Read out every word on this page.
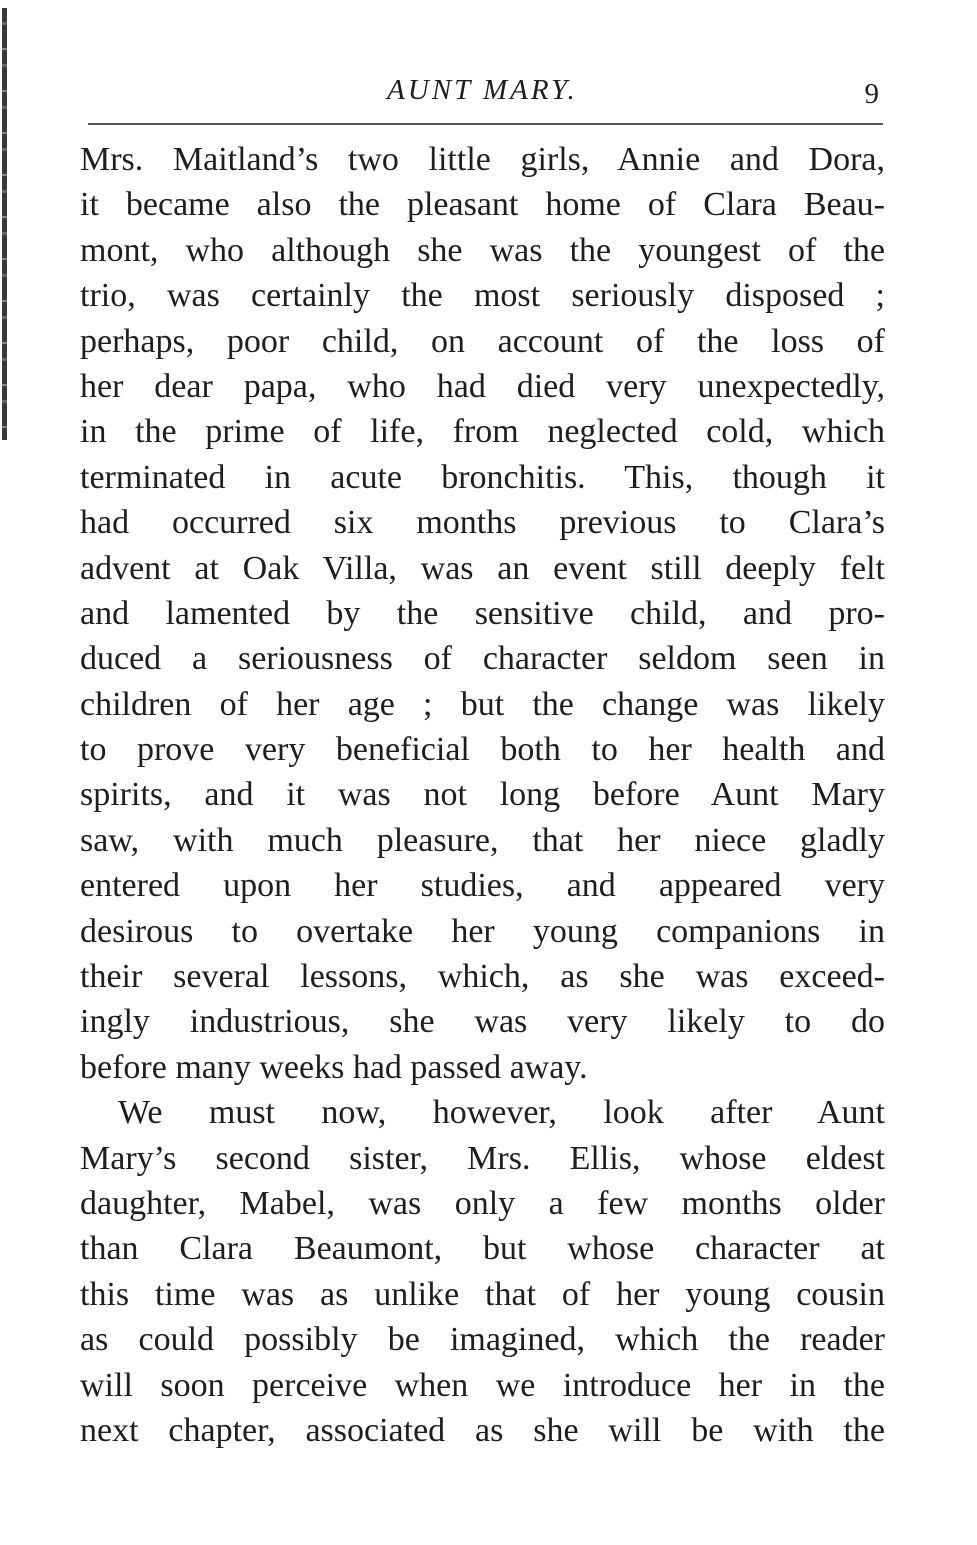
AUNT MARY.	9
Mrs. Maitland’s two little girls, Annie and Dora,
it became also the pleasant home of Clara Beau-
mont, who although she was the youngest of the
trio, was certainly the most seriously disposed ;
perhaps, poor child, on account of the loss of
her dear papa, who had died very unexpectedly,
in the prime of life, from neglected cold, which
terminated in acute bronchitis. This, though it
had occurred six months previous to Clara’s
advent at Oak Villa, was an event still deeply felt
and lamented by the sensitive child, and pro-
duced a seriousness of character seldom seen in
children of her age ; but the change was likely
to prove very beneficial both to her health and
spirits, and it was not long before Aunt Mary
saw, with much pleasure, that her niece gladly
entered upon her studies, and appeared very
desirous to overtake her young companions in
their several lessons, which, as she was exceed-
ingly industrious, she was very likely to do
before many weeks had passed away.
We must now, however, look after Aunt
Mary’s second sister, Mrs. Ellis, whose eldest
daughter, Mabel, was only a few months older
than Clara Beaumont, but whose character at
this time was as unlike that of her young cousin
as could possibly be imagined, which the reader
will soon perceive when we introduce her in the
next chapter, associated as she will be with the
